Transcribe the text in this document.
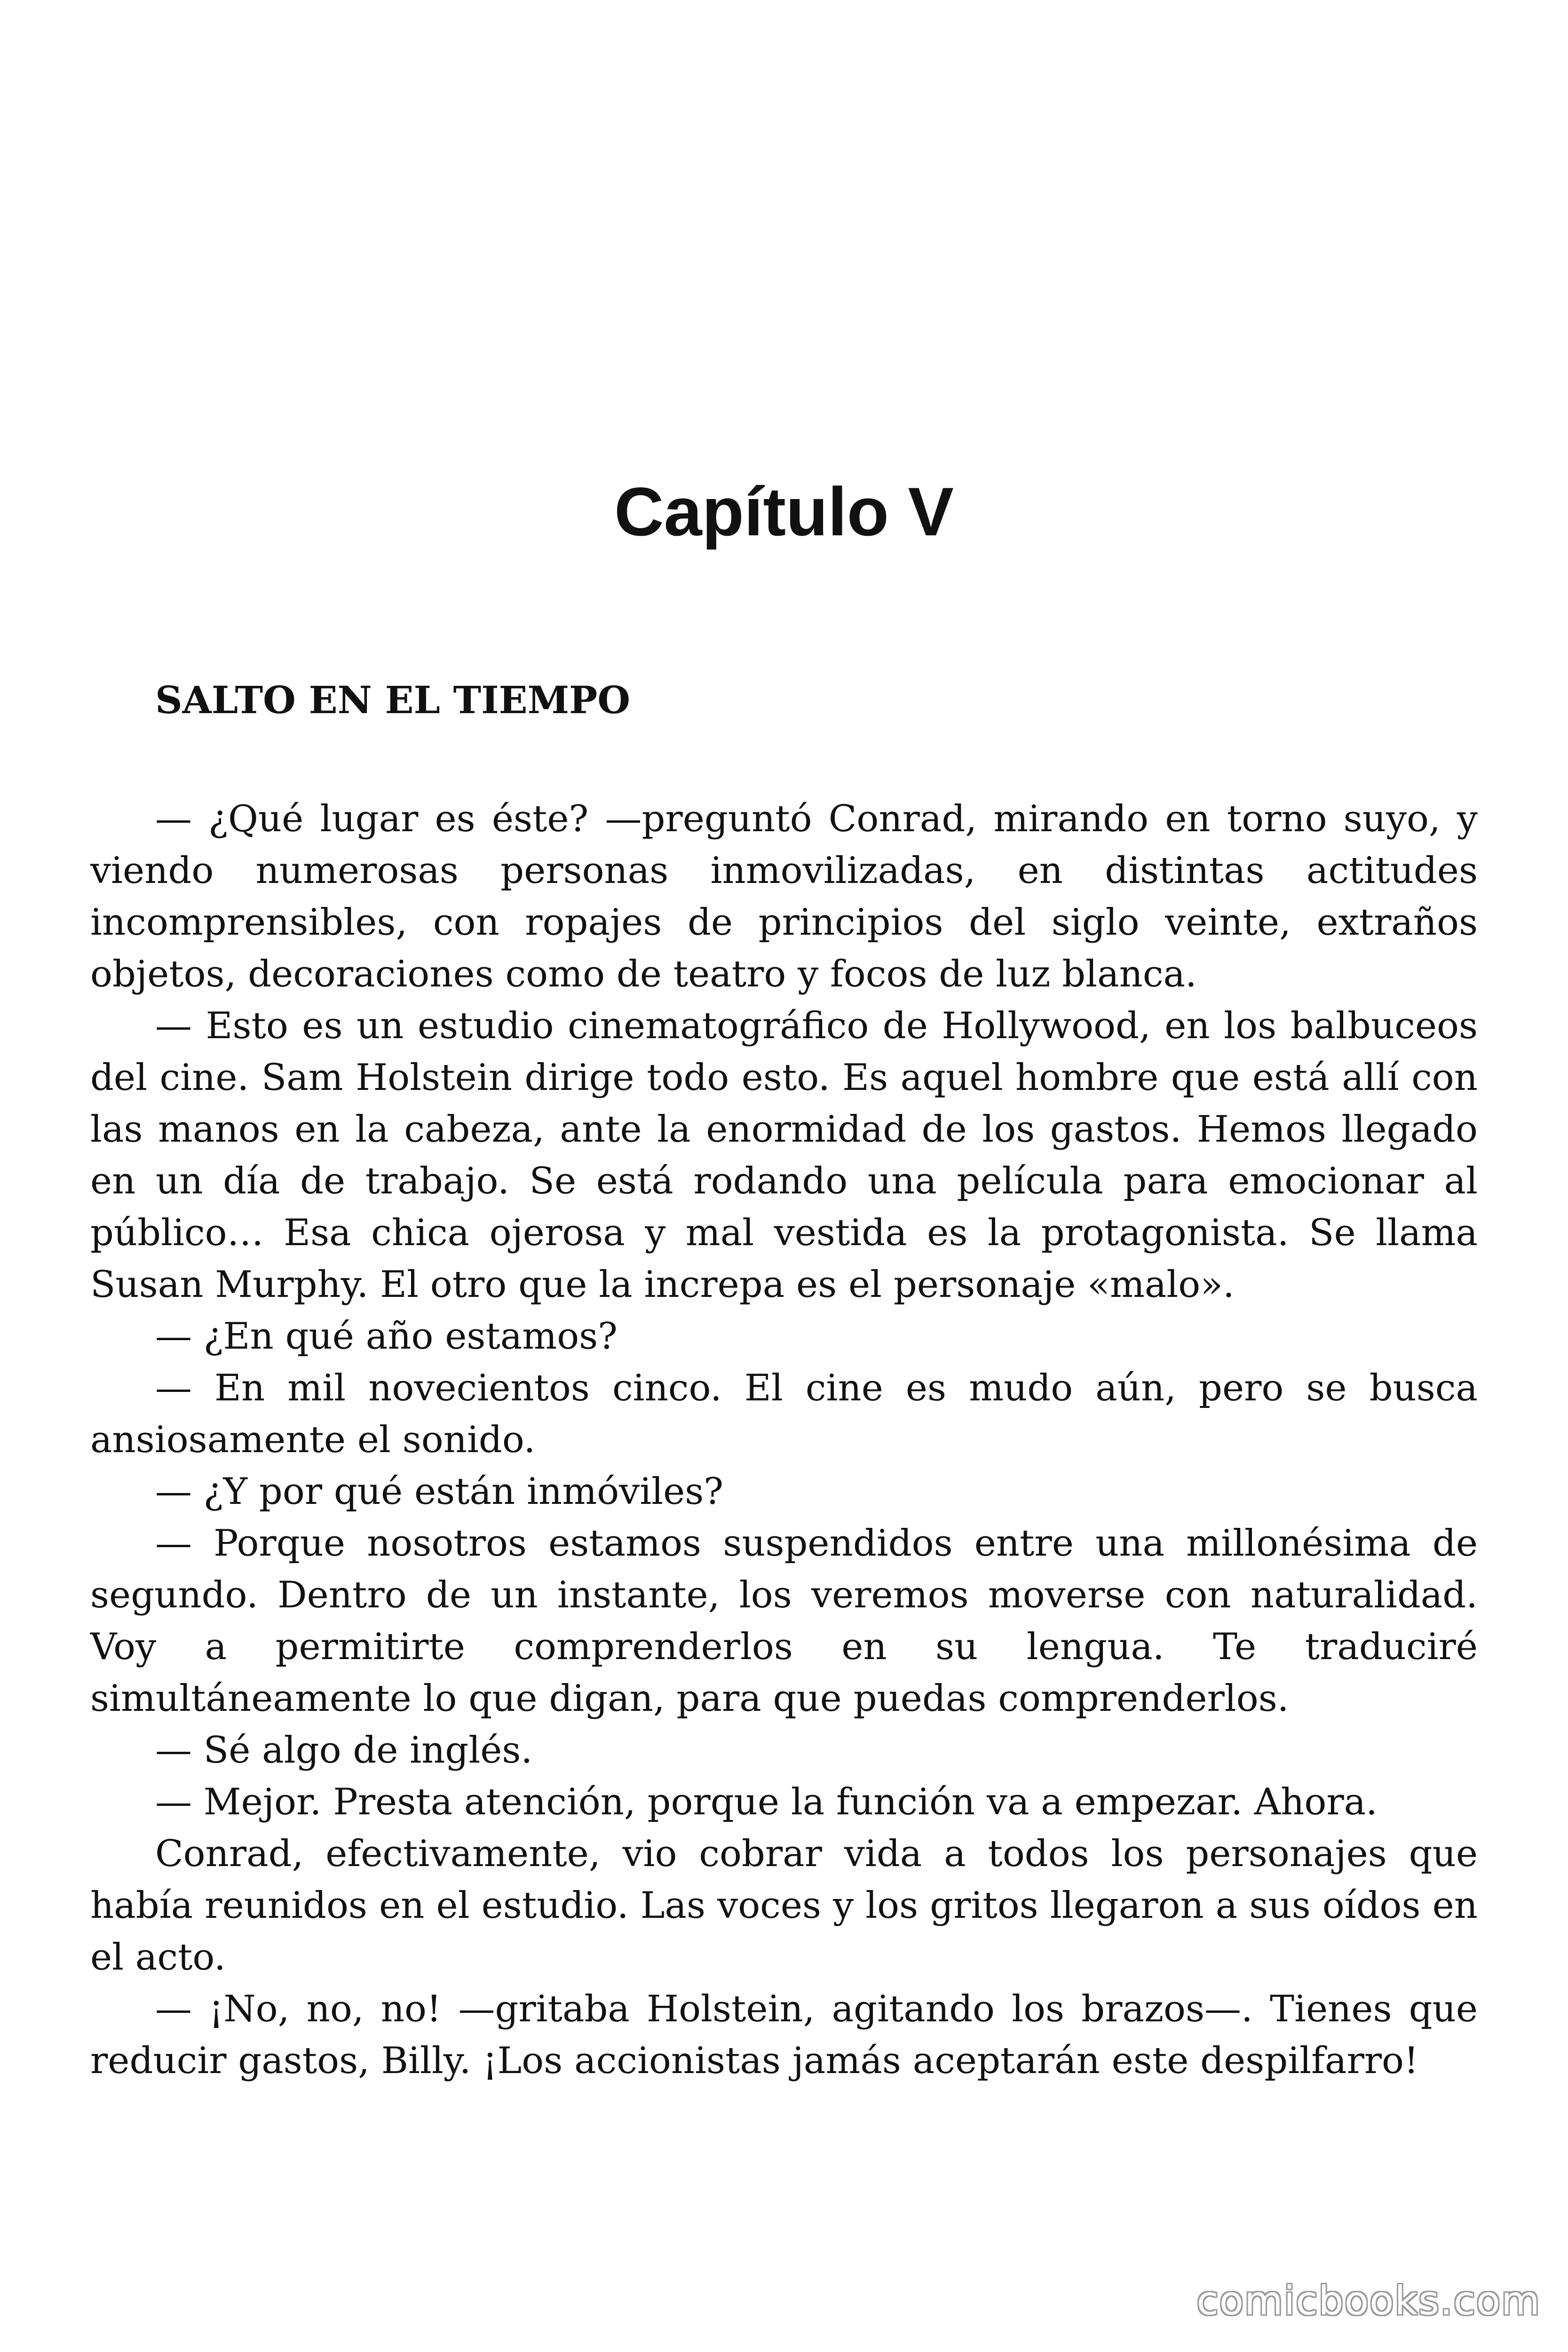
Capítulo V
SALTO EN EL TIEMPO

— ¿Qué lugar es éste? —preguntó Conrad, mirando en torno suyo, y viendo numerosas personas inmovilizadas, en distintas actitudes incomprensibles, con ropajes de principios del siglo veinte, extraños objetos, decoraciones como de teatro y focos de luz blanca.

— Esto es un estudio cinematográfico de Hollywood, en los balbuceos del cine. Sam Holstein dirige todo esto. Es aquel hombre que está allí con las manos en la cabeza, ante la enormidad de los gastos. Hemos llegado en un día de trabajo. Se está rodando una película para emocionar al público… Esa chica ojerosa y mal vestida es la protagonista. Se llama Susan Murphy. El otro que la increpa es el personaje «malo».

— ¿En qué año estamos?

— En mil novecientos cinco. El cine es mudo aún, pero se busca ansiosamente el sonido.

— ¿Y por qué están inmóviles?

— Porque nosotros estamos suspendidos entre una millonésima de segundo. Dentro de un instante, los veremos moverse con naturalidad. Voy a permitirte comprenderlos en su lengua. Te traduciré simultáneamente lo que digan, para que puedas comprenderlos.

— Sé algo de inglés.

— Mejor. Presta atención, porque la función va a empezar. Ahora.

Conrad, efectivamente, vio cobrar vida a todos los personajes que había reunidos en el estudio. Las voces y los gritos llegaron a sus oídos en el acto.

— ¡No, no, no! —gritaba Holstein, agitando los brazos—. Tienes que reducir gastos, Billy. ¡Los accionistas jamás aceptarán este despilfarro!

comicbooks.com
